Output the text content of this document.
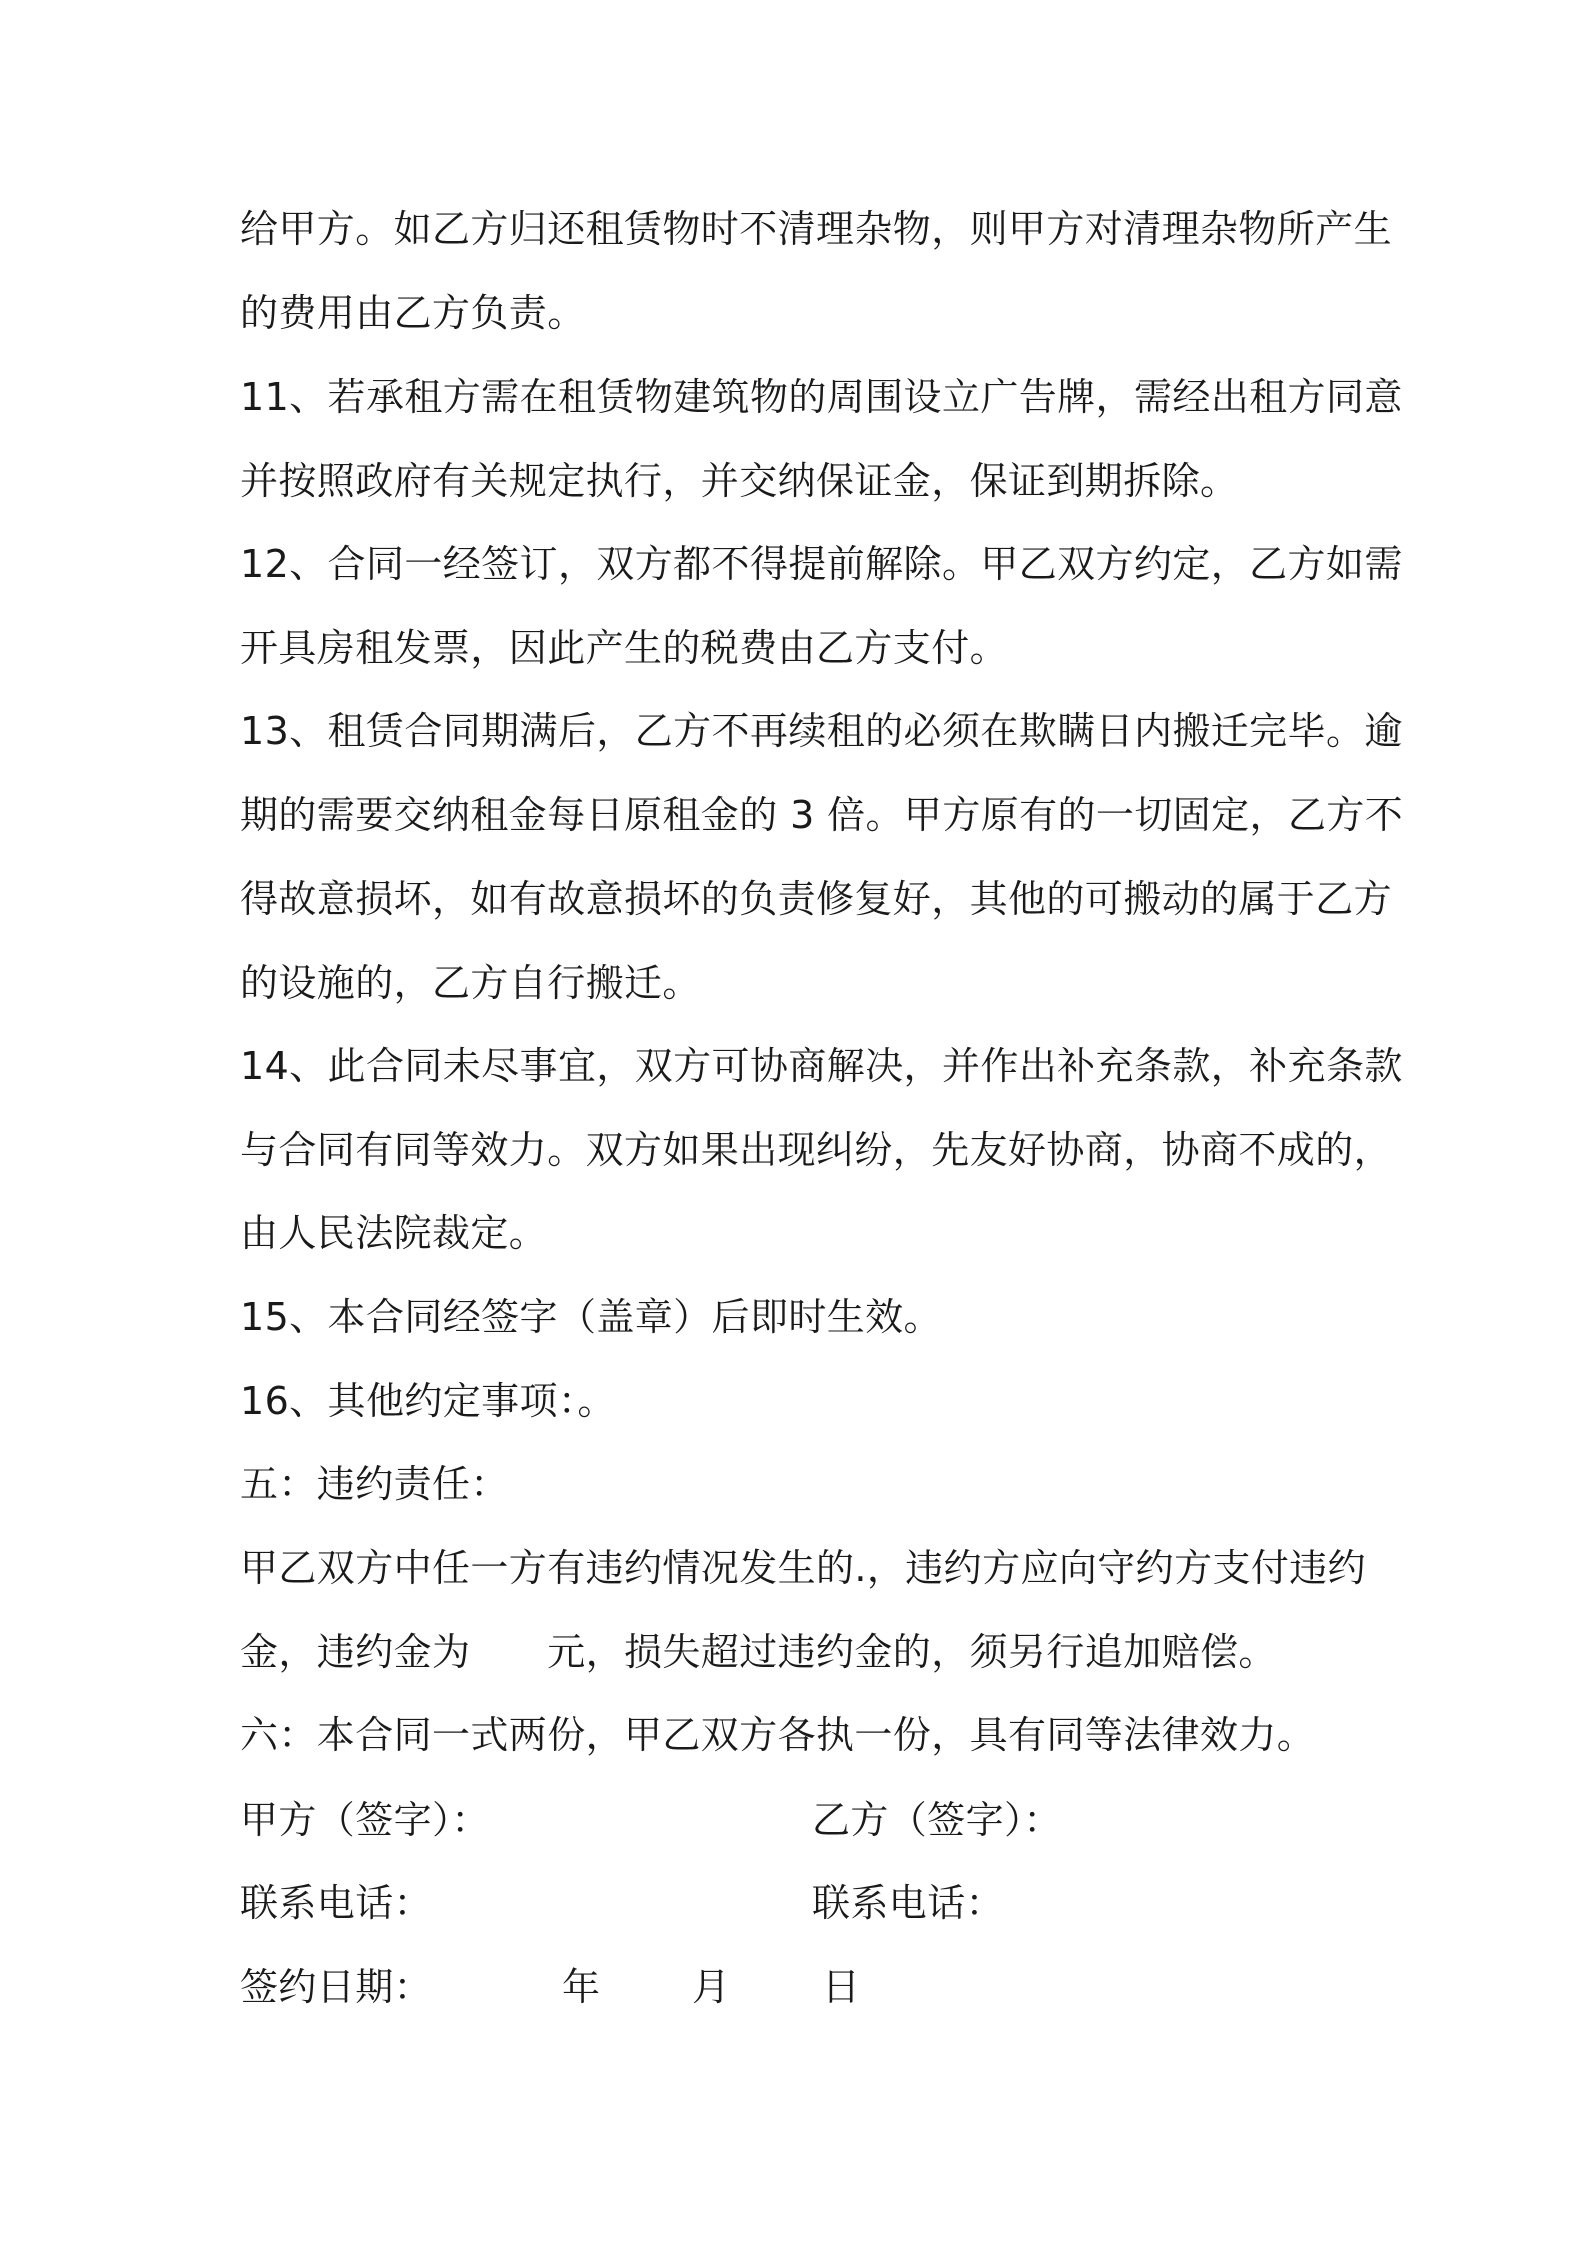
给甲方。如乙方归还租赁物时不清理杂物，则甲方对清理杂物所产生
的费用由乙方负责。
11、若承租方需在租赁物建筑物的周围设立广告牌，需经出租方同意
并按照政府有关规定执行，并交纳保证金，保证到期拆除。
12、合同一经签订，双方都不得提前解除。甲乙双方约定，乙方如需
开具房租发票，因此产生的税费由乙方支付。
13、租赁合同期满后，乙方不再续租的必须在欺瞒日内搬迁完毕。逾
期的需要交纳租金每日原租金的 3 倍。甲方原有的一切固定，乙方不
得故意损坏，如有故意损坏的负责修复好，其他的可搬动的属于乙方
的设施的，乙方自行搬迁。
14、此合同未尽事宜，双方可协商解决，并作出补充条款，补充条款
与合同有同等效力。双方如果出现纠纷，先友好协商，协商不成的，
由人民法院裁定。
15、本合同经签字（盖章）后即时生效。
16、其他约定事项：。
五：违约责任：
甲乙双方中任一方有违约情况发生的.，违约方应向守约方支付违约
金，违约金为　　元，损失超过违约金的，须另行追加赔偿。
六：本合同一式两份，甲乙双方各执一份，具有同等法律效力。
甲方（签字）：	乙方（签字）：
联系电话：	联系电话：
签约日期：	年 月 日
